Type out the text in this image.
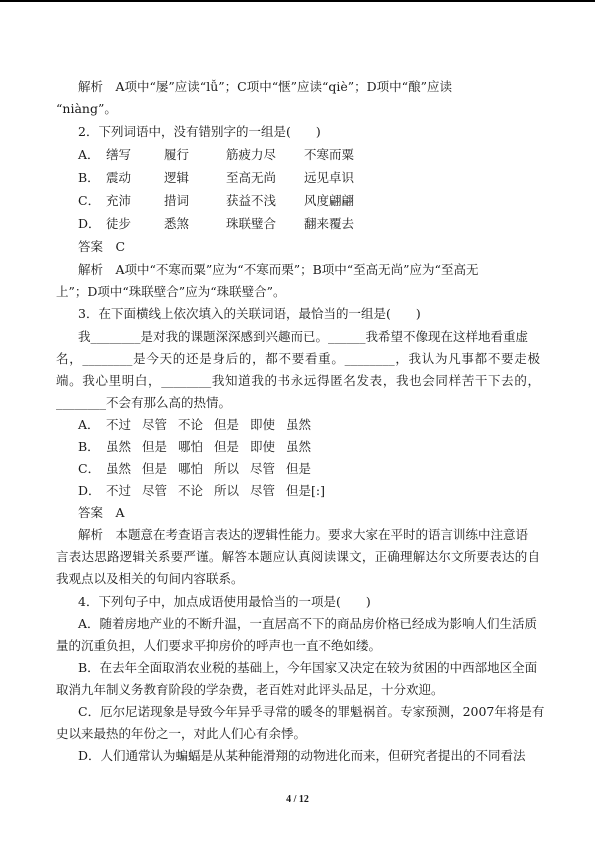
解析　A项中“屡”应读“lǚ”；C项中“惬”应读“qiè”；D项中“酿”应读
“niàng”。
2．下列词语中，没有错别字的一组是(　　)
A． 缮写	履行	筋疲力尽 不寒而粟
B． 震动	逻辑	至高无尚 远见卓识
C． 充沛	措词	获益不浅 风度翩翩
D． 徒步	悉煞	珠联璧合 翻来覆去
答案　C
解析　A项中“不寒而粟”应为“不寒而栗”；B项中“至高无尚”应为“至高无
上”；D项中“珠联壁合”应为“珠联璧合”。
3．在下面横线上依次填入的关联词语，最恰当的一组是(　　)
我________是对我的课题深深感到兴趣而已。______我希望不像现在这样地看重虚
名，________是今天的还是身后的，都不要看重。________，我认为凡事都不要走极
端。我心里明白，________我知道我的书永远得匿名发表，我也会同样苦干下去的，
________不会有那么高的热情。
A． 不过 尽管 不论 但是 即使 虽然
B． 虽然 但是 哪怕 但是 即使 虽然
C． 虽然 但是 哪怕 所以 尽管 但是
D． 不过 尽管 不论 所以 尽管 但是[:]
答案　A
解析　本题意在考查语言表达的逻辑性能力。要求大家在平时的语言训练中注意语
言表达思路逻辑关系要严谨。解答本题应认真阅读课文，正确理解达尔文所要表达的自
我观点以及相关的句间内容联系。
4．下列句子中，加点成语使用最恰当的一项是(　　)
A．随着房地产业的不断升温，一直居高不下的商品房价格已经成为影响人们生活质
量的沉重负担，人们要求平抑房价的呼声也一直不绝如缕。
B．在去年全面取消农业税的基础上，今年国家又决定在较为贫困的中西部地区全面
取消九年制义务教育阶段的学杂费，老百姓对此评头品足，十分欢迎。
C．厄尔尼诺现象是导致今年异乎寻常的暖冬的罪魁祸首。专家预测，2007年将是有
史以来最热的年份之一，对此人们心有余悸。
D．人们通常认为蝙蝠是从某种能滑翔的动物进化而来，但研究者提出的不同看法
4 / 12
